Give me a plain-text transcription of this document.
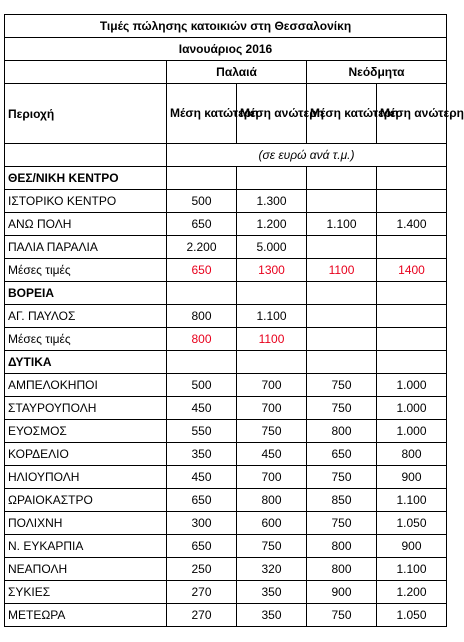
Τιμές πώλησης κατοικιών στη Θεσσαλονίκη				
Ιανουάριος 2016				
	Παλαιά		Νεόδμητα	
Περιοχή	Μέση κατώτερη	Μέση ανώτερη	Μέση κατώτερη	Μέση ανώτερη
	(σε ευρώ ανά τ.μ.)			
ΘΕΣ/ΝΙΚΗ ΚΕΝΤΡΟ				
ΙΣΤΟΡΙΚΟ ΚΕΝΤΡΟ	500	1.300		
ΑΝΩ ΠΟΛΗ	650	1.200	1.100	1.400
ΠΑΛΙΑ ΠΑΡΑΛΙΑ	2.200	5.000		
Μέσες τιμές	650	1300	1100	1400
ΒΟΡΕΙΑ				
ΑΓ. ΠΑΥΛΟΣ	800	1.100		
Μέσες τιμές	800	1100		
ΔΥΤΙΚΑ				
ΑΜΠΕΛΟΚΗΠΟΙ	500	700	750	1.000
ΣΤΑΥΡΟΥΠΟΛΗ	450	700	750	1.000
ΕΥΟΣΜΟΣ	550	750	800	1.000
ΚΟΡΔΕΛΙΟ	350	450	650	800
ΗΛΙΟΥΠΟΛΗ	450	700	750	900
ΩΡΑΙΟΚΑΣΤΡΟ	650	800	850	1.100
ΠΟΛΙΧΝΗ	300	600	750	1.050
Ν. ΕΥΚΑΡΠΙΑ	650	750	800	900
ΝΕΑΠΟΛΗ	250	320	800	1.100
ΣΥΚΙΕΣ	270	350	900	1.200
ΜΕΤΕΩΡΑ	270	350	750	1.050
